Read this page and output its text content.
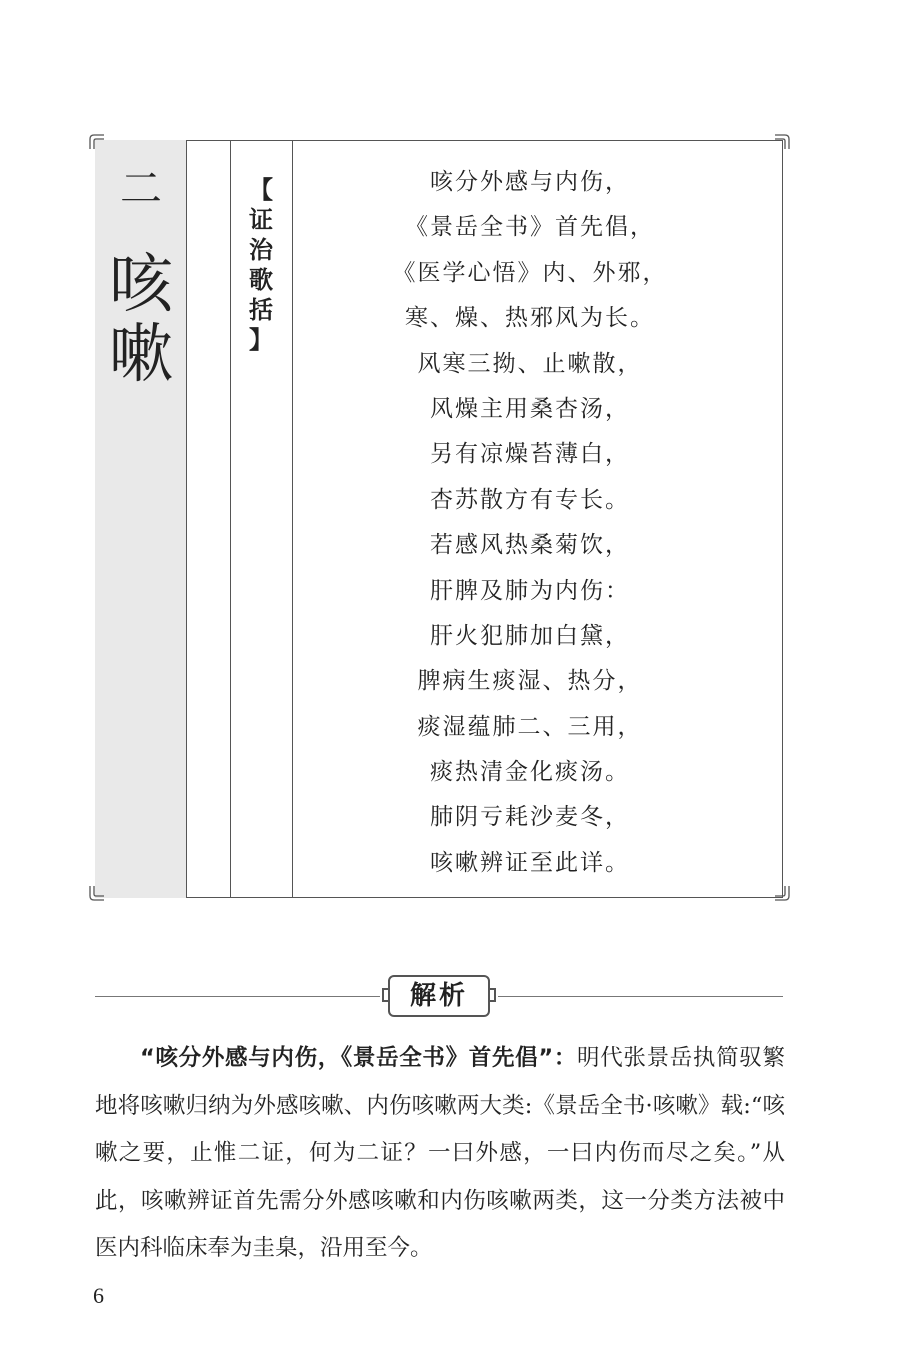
二
咳
嗽
【
证
治
歌
括
】
咳分外感与内伤，
《景岳全书》首先倡，
《医学心悟》内、外邪，
寒、燥、热邪风为长。
风寒三拗、止嗽散，
风燥主用桑杏汤，
另有凉燥苔薄白，
杏苏散方有专长。
若感风热桑菊饮，
肝脾及肺为内伤：
肝火犯肺加白黛，
脾病生痰湿、热分，
痰湿蕴肺二、三用，
痰热清金化痰汤。
肺阴亏耗沙麦冬，
咳嗽辨证至此详。
解析
“咳分外感与内伤，《景岳全书》首先倡”：明代张景岳执简驭繁地将咳嗽归纳为外感咳嗽、内伤咳嗽两大类:《景岳全书·咳嗽》载:“咳嗽之要，止惟二证，何为二证？一曰外感，一曰内伤而尽之矣。”从此，咳嗽辨证首先需分外感咳嗽和内伤咳嗽两类，这一分类方法被中医内科临床奉为圭臬，沿用至今。
6
